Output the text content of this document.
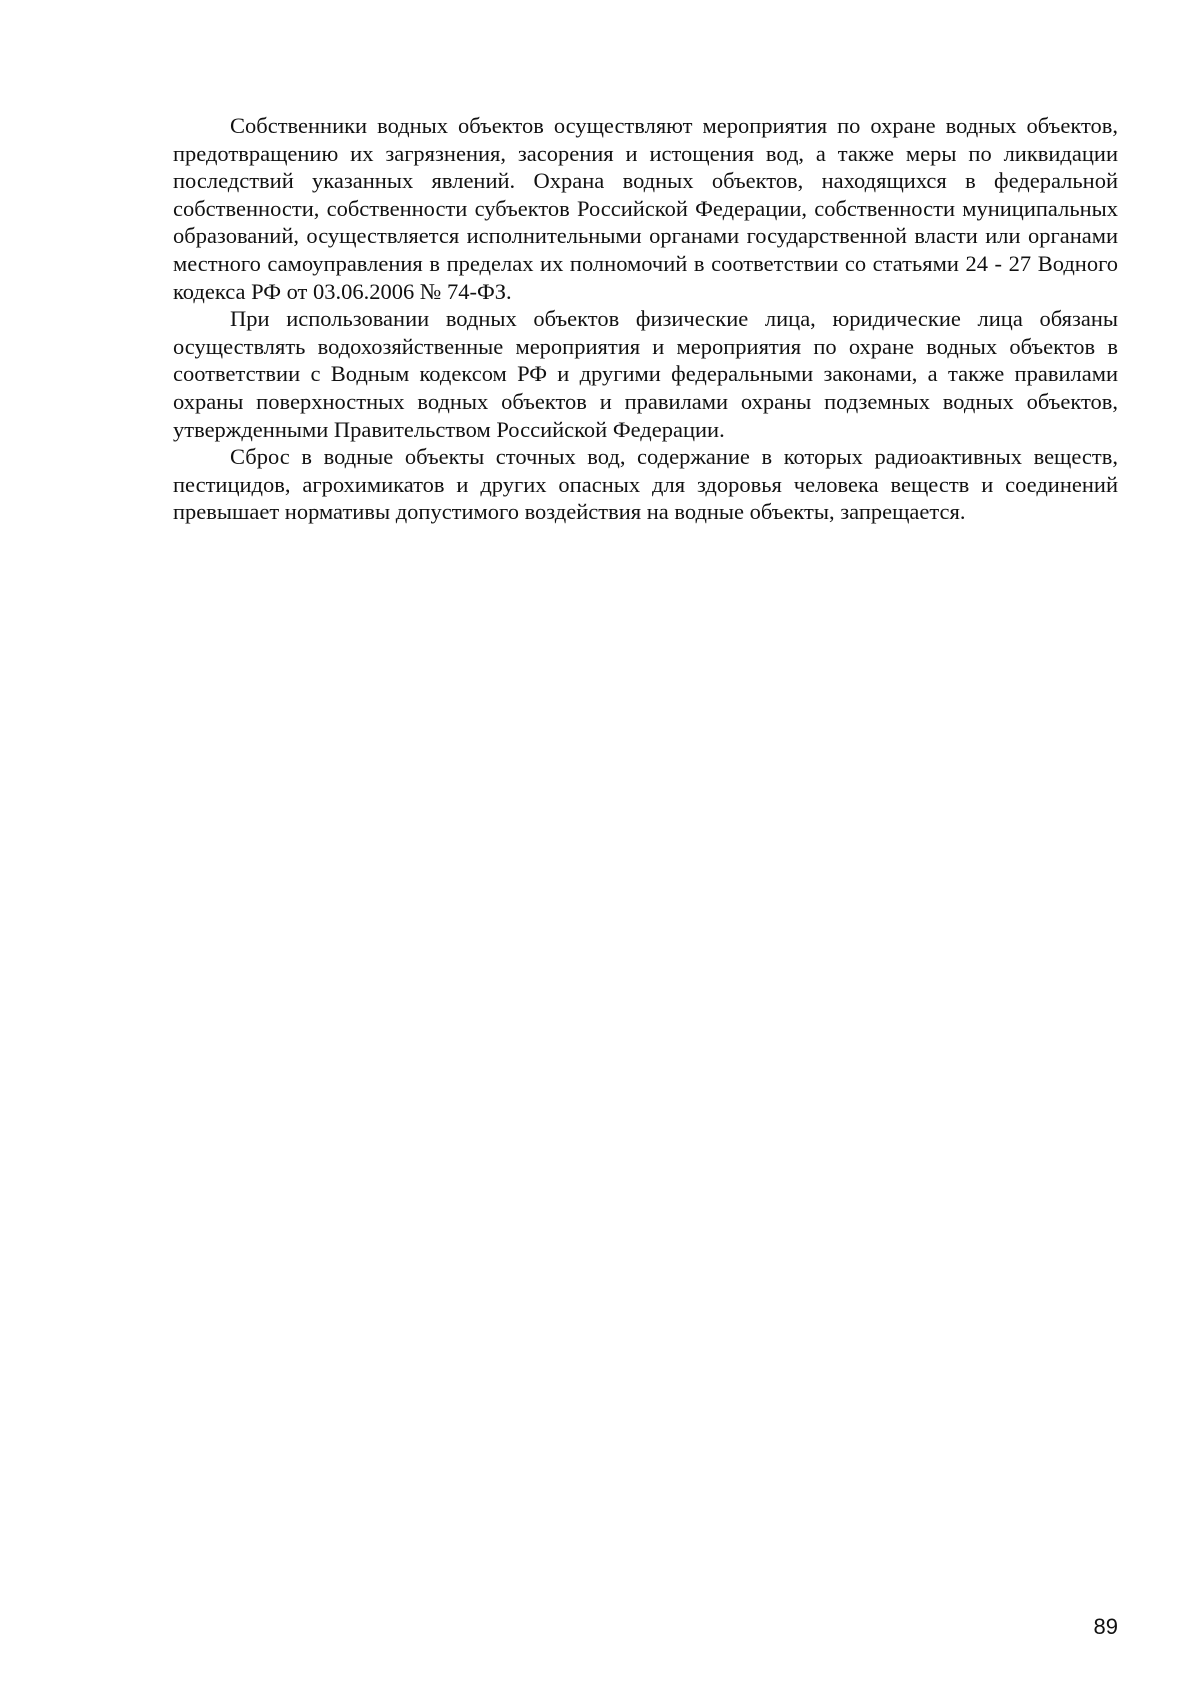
Собственники водных объектов осуществляют мероприятия по охране водных объектов, предотвращению их загрязнения, засорения и истощения вод, а также меры по ликвидации последствий указанных явлений. Охрана водных объектов, находящихся в федеральной собственности, собственности субъектов Российской Федерации, собственности муниципальных образований, осуществляется исполнительными органами государственной власти или органами местного самоуправления в пределах их полномочий в соответствии со статьями 24 - 27 Водного кодекса РФ от 03.06.2006 № 74-ФЗ.

При использовании водных объектов физические лица, юридические лица обязаны осуществлять водохозяйственные мероприятия и мероприятия по охране водных объектов в соответствии с Водным кодексом РФ и другими федеральными законами, а также правилами охраны поверхностных водных объектов и правилами охраны подземных водных объектов, утвержденными Правительством Российской Федерации.

Сброс в водные объекты сточных вод, содержание в которых радиоактивных веществ, пестицидов, агрохимикатов и других опасных для здоровья человека веществ и соединений превышает нормативы допустимого воздействия на водные объекты, запрещается.

89
